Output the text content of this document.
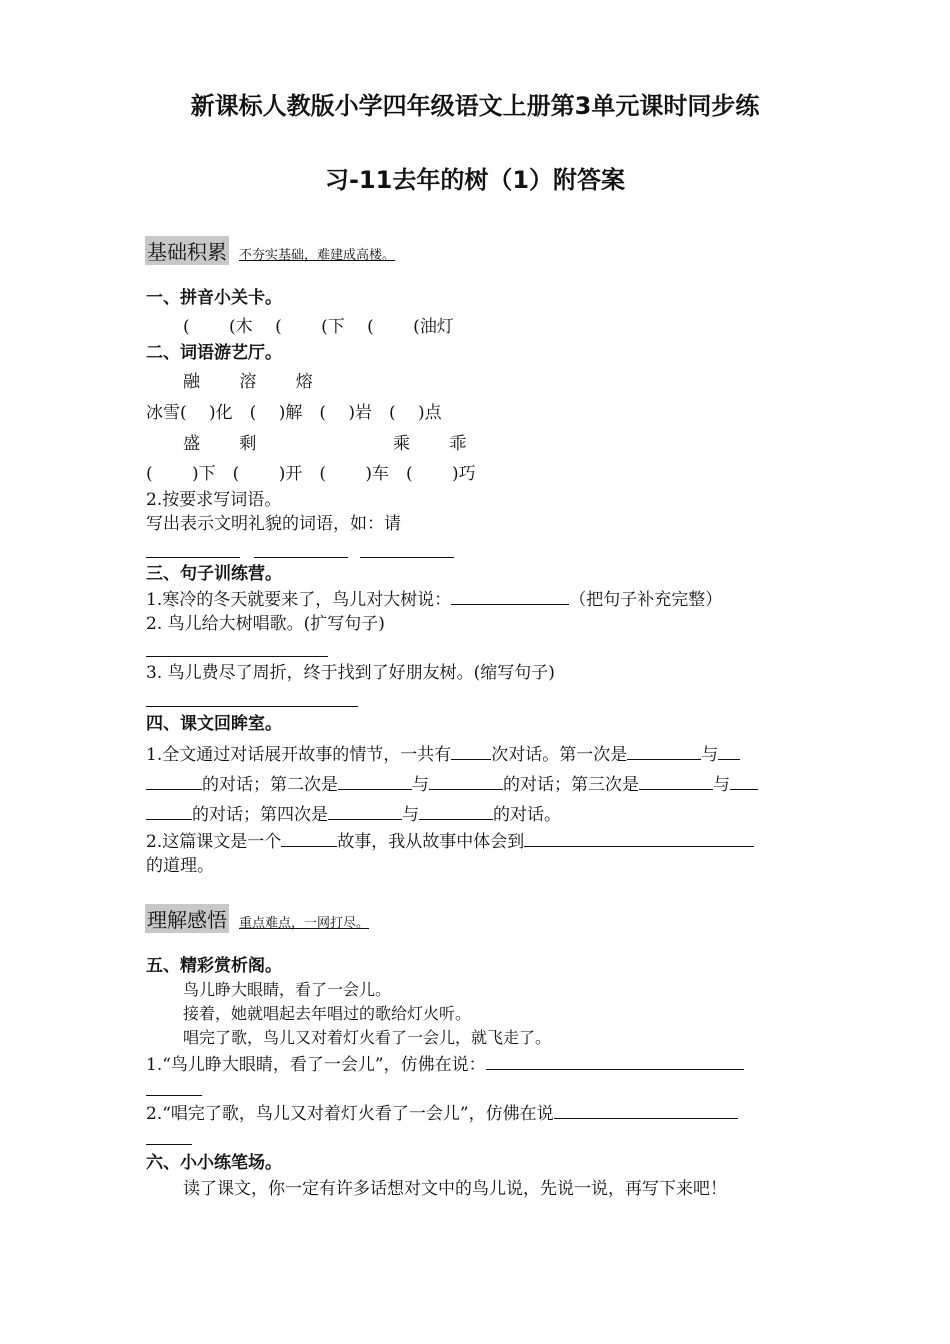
新课标人教版小学四年级语文上册第3单元课时同步练
习-11去年的树（1）附答案
基础积累 不夯实基础，难建成高楼。
一、拼音小关卡。
(　　 (木　 (　　 (下　 (　　 (油灯
二、词语游艺厅。
融　　 溶　　 熔
冰雪(　 )化　(　 )解　(　 )岩　(　 )点
盛　　 剩	乘　　 乖
(　　 )下　(　　 )开　(　　 )车　(　　 )巧
2.按要求写词语。
写出表示文明礼貌的词语，如：请
三、句子训练营。
1.寒冷的冬天就要来了，鸟儿对大树说：	（把句子补充完整）
2. 鸟儿给大树唱歌。(扩写句子)
3. 鸟儿费尽了周折，终于找到了好朋友树。(缩写句子)
四、课文回眸室。
1.全文通过对话展开故事的情节，一共有 次对话。第一次是	与
的对话；第二次是	与	的对话；第三次是	与
的对话；第四次是	与	的对话。
2.这篇课文是一个	故事，我从故事中体会到
的道理。
理解感悟 重点难点，一网打尽。
五、精彩赏析阁。
鸟儿睁大眼睛，看了一会儿。
接着，她就唱起去年唱过的歌给灯火听。
唱完了歌，鸟儿又对着灯火看了一会儿，就飞走了。
1.“鸟儿睁大眼睛，看了一会儿”，仿佛在说：
2.“唱完了歌，鸟儿又对着灯火看了一会儿”，仿佛在说
六、小小练笔场。
读了课文，你一定有许多话想对文中的鸟儿说，先说一说，再写下来吧！
